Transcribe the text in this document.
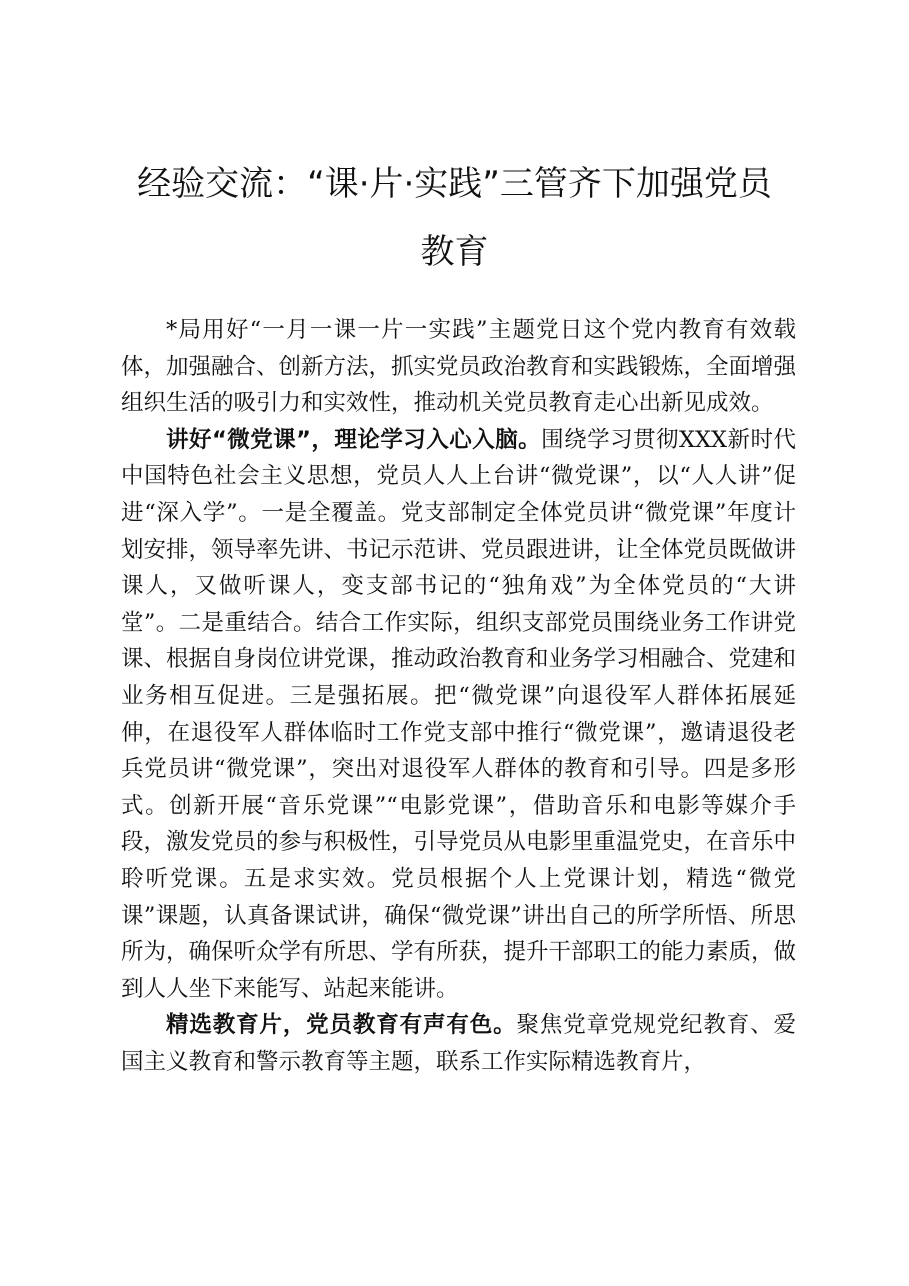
经验交流：“课·片·实践”三管齐下加强党员
教育

*局用好“一月一课一片一实践”主题党日这个党内教育有效载体，加强融合、创新方法，抓实党员政治教育和实践锻炼，全面增强组织生活的吸引力和实效性，推动机关党员教育走心出新见成效。

讲好“微党课”，理论学习入心入脑。围绕学习贯彻XXX新时代中国特色社会主义思想，党员人人上台讲“微党课”，以“人人讲”促进“深入学”。一是全覆盖。党支部制定全体党员讲“微党课”年度计划安排，领导率先讲、书记示范讲、党员跟进讲，让全体党员既做讲课人，又做听课人，变支部书记的“独角戏”为全体党员的“大讲堂”。二是重结合。结合工作实际，组织支部党员围绕业务工作讲党课、根据自身岗位讲党课，推动政治教育和业务学习相融合、党建和业务相互促进。三是强拓展。把“微党课”向退役军人群体拓展延伸，在退役军人群体临时工作党支部中推行“微党课”，邀请退役老兵党员讲“微党课”，突出对退役军人群体的教育和引导。四是多形式。创新开展“音乐党课”“电影党课”，借助音乐和电影等媒介手段，激发党员的参与积极性，引导党员从电影里重温党史，在音乐中聆听党课。五是求实效。党员根据个人上党课计划，精选“微党课”课题，认真备课试讲，确保“微党课”讲出自己的所学所悟、所思所为，确保听众学有所思、学有所获，提升干部职工的能力素质，做到人人坐下来能写、站起来能讲。

精选教育片，党员教育有声有色。聚焦党章党规党纪教育、爱国主义教育和警示教育等主题，联系工作实际精选教育片，
